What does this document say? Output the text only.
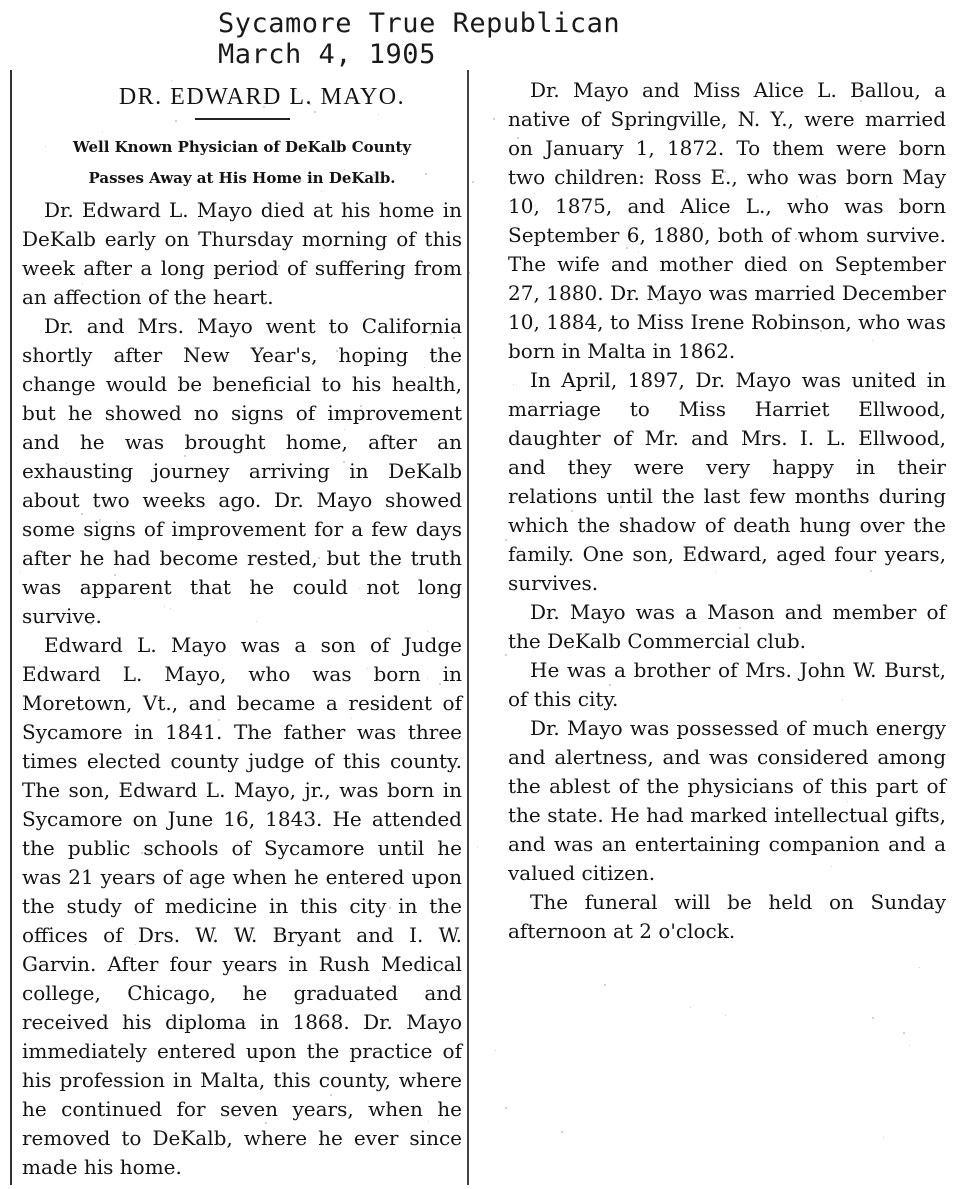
Sycamore True Republican
March 4, 1905
DR. EDWARD L. MAYO.
Well Known Physician of DeKalb County
Passes Away at His Home in DeKalb.

Dr. Edward L. Mayo died at his home in DeKalb early on Thursday morning of this week after a long period of suffering from an affection of the heart.

Dr. and Mrs. Mayo went to California shortly after New Year's, hoping the change would be beneficial to his health, but he showed no signs of improvement and he was brought home, after an exhausting journey arriving in DeKalb about two weeks ago. Dr. Mayo showed some signs of improvement for a few days after he had become rested, but the truth was apparent that he could not long survive.

Edward L. Mayo was a son of Judge Edward L. Mayo, who was born in Moretown, Vt., and became a resident of Sycamore in 1841. The father was three times elected county judge of this county. The son, Edward L. Mayo, jr., was born in Sycamore on June 16, 1843. He attended the public schools of Sycamore until he was 21 years of age when he entered upon the study of medicine in this city in the offices of Drs. W. W. Bryant and I. W. Garvin. After four years in Rush Medical college, Chicago, he graduated and received his diploma in 1868. Dr. Mayo immediately entered upon the practice of his profession in Malta, this county, where he continued for seven years, when he removed to DeKalb, where he ever since made his home.

Dr. Mayo and Miss Alice L. Ballou, a native of Springville, N. Y., were married on January 1, 1872. To them were born two children: Ross E., who was born May 10, 1875, and Alice L., who was born September 6, 1880, both of whom survive. The wife and mother died on September 27, 1880. Dr. Mayo was married December 10, 1884, to Miss Irene Robinson, who was born in Malta in 1862.

In April, 1897, Dr. Mayo was united in marriage to Miss Harriet Ellwood, daughter of Mr. and Mrs. I. L. Ellwood, and they were very happy in their relations until the last few months during which the shadow of death hung over the family. One son, Edward, aged four years, survives.

Dr. Mayo was a Mason and member of the DeKalb Commercial club.

He was a brother of Mrs. John W. Burst, of this city.

Dr. Mayo was possessed of much energy and alertness, and was considered among the ablest of the physicians of this part of the state. He had marked intellectual gifts, and was an entertaining companion and a valued citizen.

The funeral will be held on Sunday afternoon at 2 o'clock.
